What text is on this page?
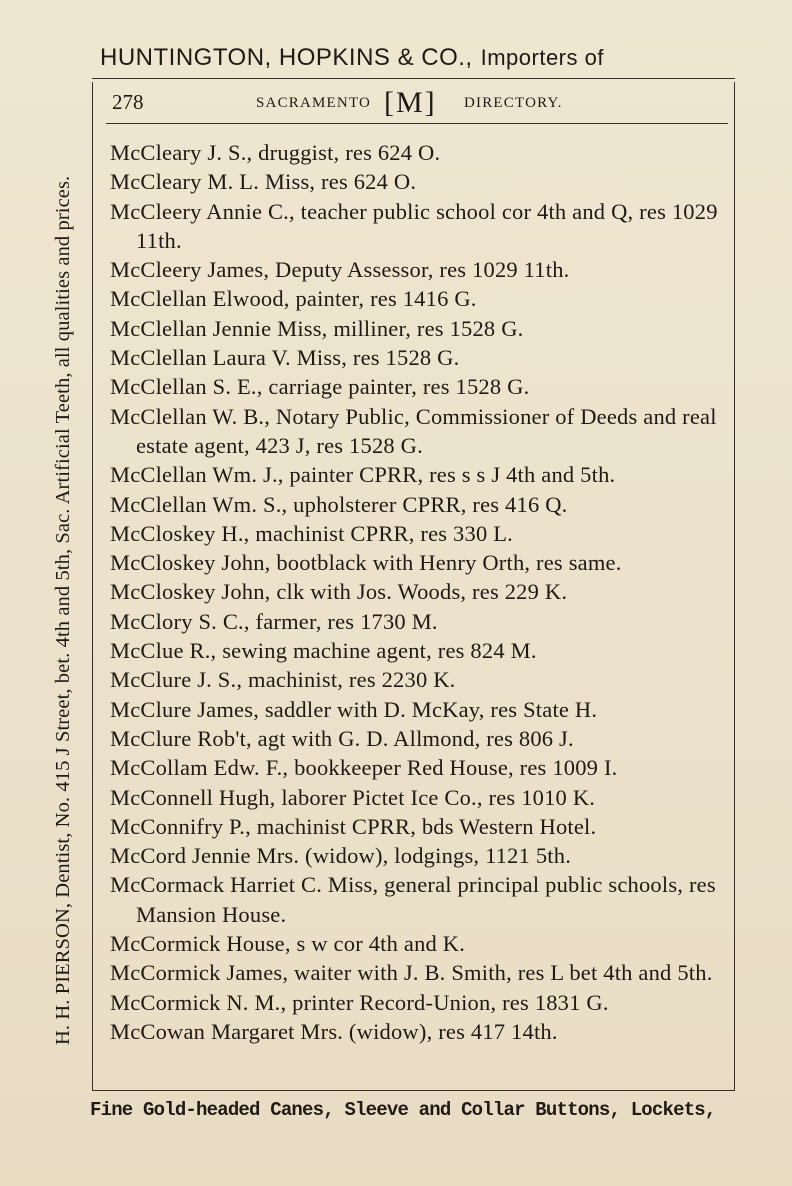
HUNTINGTON, HOPKINS & CO., Importers of
H. H. PIERSON, Dentist, No. 415 J Street, bet. 4th and 5th, Sac. Artificial Teeth, all qualities and prices.
278	SACRAMENTO [M] DIRECTORY.
McCleary J. S., druggist, res 624 O.
McCleary M. L. Miss, res 624 O.
McCleery Annie C., teacher public school cor 4th and Q, res 1029 11th.
McCleery James, Deputy Assessor, res 1029 11th.
McClellan Elwood, painter, res 1416 G.
McClellan Jennie Miss, milliner, res 1528 G.
McClellan Laura V. Miss, res 1528 G.
McClellan S. E., carriage painter, res 1528 G.
McClellan W. B., Notary Public, Commissioner of Deeds and real estate agent, 423 J, res 1528 G.
McClellan Wm. J., painter CPRR, res s s J 4th and 5th.
McClellan Wm. S., upholsterer CPRR, res 416 Q.
McCloskey H., machinist CPRR, res 330 L.
McCloskey John, bootblack with Henry Orth, res same.
McCloskey John, clk with Jos. Woods, res 229 K.
McClory S. C., farmer, res 1730 M.
McClue R., sewing machine agent, res 824 M.
McClure J. S., machinist, res 2230 K.
McClure James, saddler with D. McKay, res State H.
McClure Rob't, agt with G. D. Allmond, res 806 J.
McCollam Edw. F., bookkeeper Red House, res 1009 I.
McConnell Hugh, laborer Pictet Ice Co., res 1010 K.
McConnifry P., machinist CPRR, bds Western Hotel.
McCord Jennie Mrs. (widow), lodgings, 1121 5th.
McCormack Harriet C. Miss, general principal public schools, res Mansion House.
McCormick House, s w cor 4th and K.
McCormick James, waiter with J. B. Smith, res L bet 4th and 5th.
McCormick N. M., printer Record-Union, res 1831 G.
McCowan Margaret Mrs. (widow), res 417 14th.
Fine Gold-headed Canes, Sleeve and Collar Buttons, Lockets,
